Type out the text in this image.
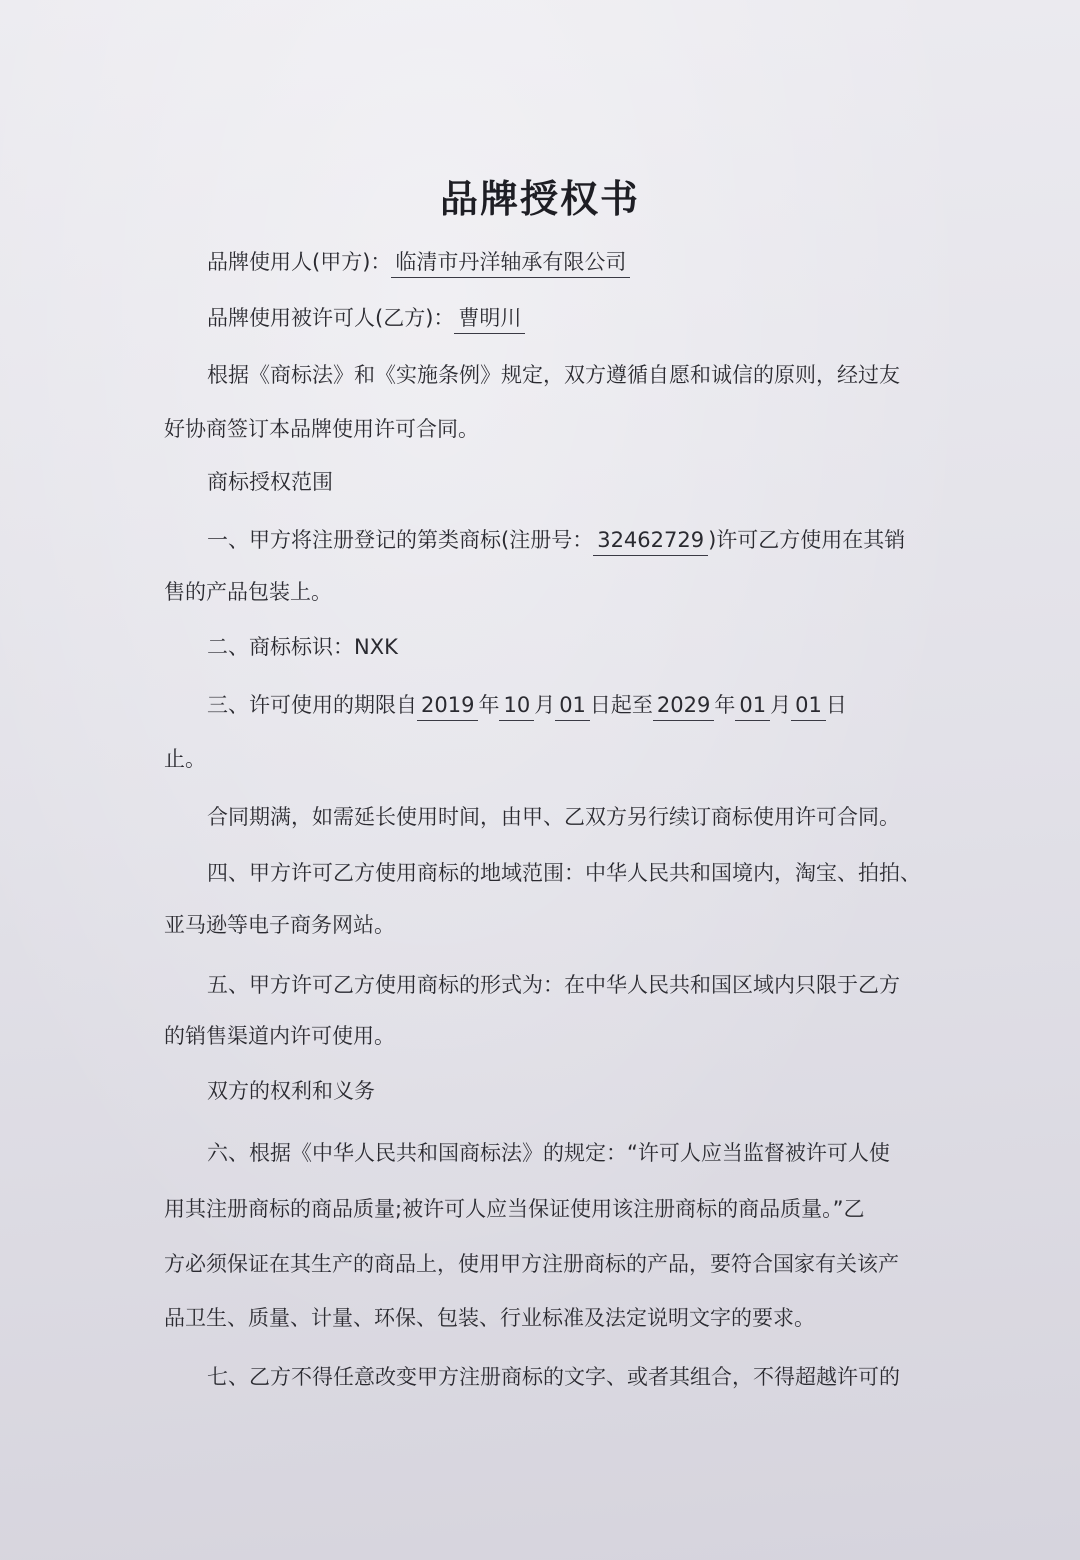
品牌授权书
品牌使用人(甲方)： 临清市丹洋轴承有限公司
品牌使用被许可人(乙方)： 曹明川
根据《商标法》和《实施条例》规定，双方遵循自愿和诚信的原则，经过友
好协商签订本品牌使用许可合同。
商标授权范围
一、甲方将注册登记的第类商标(注册号： 32462729 )许可乙方使用在其销
售的产品包装上。
二、商标标识：NXK
三、许可使用的期限自 2019 年 10 月 01 日起至 2029 年 01 月 01 日
止。
合同期满，如需延长使用时间，由甲、乙双方另行续订商标使用许可合同。
四、甲方许可乙方使用商标的地域范围：中华人民共和国境内，淘宝、拍拍、
亚马逊等电子商务网站。
五、甲方许可乙方使用商标的形式为：在中华人民共和国区域内只限于乙方
的销售渠道内许可使用。
双方的权利和义务
六、根据《中华人民共和国商标法》的规定：“许可人应当监督被许可人使
用其注册商标的商品质量;被许可人应当保证使用该注册商标的商品质量。”乙
方必须保证在其生产的商品上，使用甲方注册商标的产品，要符合国家有关该产
品卫生、质量、计量、环保、包装、行业标准及法定说明文字的要求。
七、乙方不得任意改变甲方注册商标的文字、或者其组合，不得超越许可的
